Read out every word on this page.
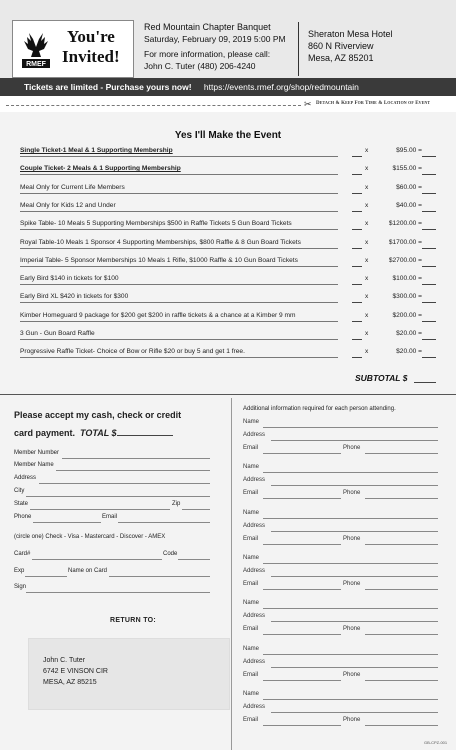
RMEF
You're
Invited!
Red Mountain Chapter Banquet
Saturday, February 09, 2019 5:00 PM
For more information, please call:
John C. Tuter (480) 206-4240
Sheraton Mesa Hotel
860 N Riverview
Mesa, AZ 85201
Tickets are limited - Purchase yours now! https://events.rmef.org/shop/redmountain
✂ Detach & Keep For Time & Location of Event
Yes I'll Make the Event
Single Ticket-1 Meal & 1 Supporting Membership	x	$95.00 =
Couple Ticket- 2 Meals & 1 Supporting Membership	x	$155.00 =
Meal Only for Current Life Members	x	$60.00 =
Meal Only for Kids 12 and Under	x	$40.00 =
Spike Table- 10 Meals 5 Supporting Memberships $500 in Raffle Tickets 5 Gun Board Tickets	x	$1200.00 =
Royal Table-10 Meals 1 Sponsor 4 Supporting Memberships, $800 Raffle & 8 Gun Board Tickets	x	$1700.00 =
Imperial Table- 5 Sponsor Memberships 10 Meals 1 Rifle, $1000 Raffle & 10 Gun Board Tickets	x	$2700.00 =
Early Bird $140 in tickets for $100	x	$100.00 =
Early Bird XL $420 in tickets for $300	x	$300.00 =
Kimber Homeguard 9 package for $200 get $200 in raffle tickets & a chance at a Kimber 9 mm	x	$200.00 =
3 Gun - Gun Board Raffle	x	$20.00 =
Progressive Raffle Ticket- Choice of Bow or Rifle $20 or buy 5 and get 1 free.	x	$20.00 =
SUBTOTAL $
Please accept my cash, check or credit
card payment. TOTAL $
Member Number
Member Name
Address
City
State	Zip
Phone	Email
(circle one) Check - Visa - Mastercard - Discover - AMEX
Card#	Code
Exp	Name on Card
Sign
RETURN TO:
John C. Tuter
6742 E VINSON CIR
MESA, AZ 85215
Additional information required for each person attending.
Name
Address
Email	Phone
Name
Address
Email	Phone
Name
Address
Email	Phone
Name
Address
Email	Phone
Name
Address
Email	Phone
Name
Address
Email	Phone
Name
Address
Email	Phone
GB-CPZ-001
